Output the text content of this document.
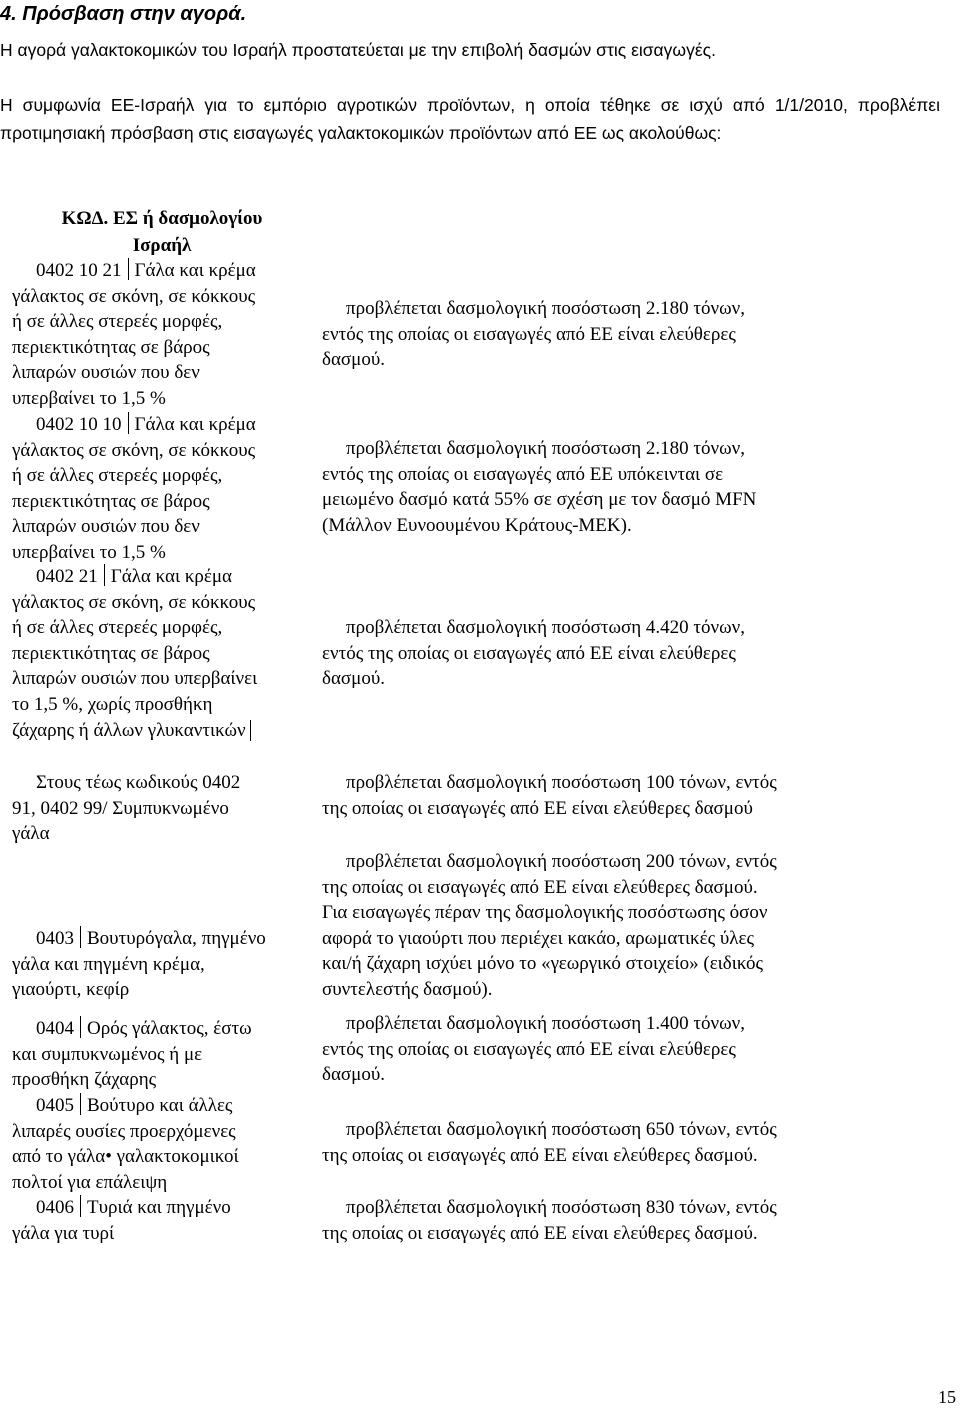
4. Πρόσβαση στην αγορά.
Η αγορά γαλακτοκομικών του Ισραήλ προστατεύεται με την επιβολή δασμών στις εισαγωγές.
Η συμφωνία ΕΕ-Ισραήλ για το εμπόριο αγροτικών προϊόντων, η οποία τέθηκε σε ισχύ από 1/1/2010, προβλέπει προτιμησιακή πρόσβαση στις εισαγωγές γαλακτοκομικών προϊόντων από ΕΕ ως ακολούθως:
ΚΩΔ. ΕΣ ή δασμολογίου
Ισραήλ
0402 10 21 Γάλα και κρέμα
γάλακτος σε σκόνη, σε κόκκους
ή σε άλλες στερεές μορφές,
περιεκτικότητας σε βάρος
λιπαρών ουσιών που δεν
υπερβαίνει το 1,5 %
προβλέπεται δασμολογική ποσόστωση 2.180 τόνων,
εντός της οποίας οι εισαγωγές από ΕΕ είναι ελεύθερες
δασμού.
0402 10 10 Γάλα και κρέμα
γάλακτος σε σκόνη, σε κόκκους
ή σε άλλες στερεές μορφές,
περιεκτικότητας σε βάρος
λιπαρών ουσιών που δεν
υπερβαίνει το 1,5 %
προβλέπεται δασμολογική ποσόστωση 2.180 τόνων,
εντός της οποίας οι εισαγωγές από ΕΕ υπόκεινται σε
μειωμένο δασμό κατά 55% σε σχέση με τον δασμό MFN
(Μάλλον Ευνοουμένου Κράτους-ΜΕΚ).
0402 21 Γάλα και κρέμα
γάλακτος σε σκόνη, σε κόκκους
ή σε άλλες στερεές μορφές,
περιεκτικότητας σε βάρος
λιπαρών ουσιών που υπερβαίνει
το 1,5 %, χωρίς προσθήκη
ζάχαρης ή άλλων γλυκαντικών
προβλέπεται δασμολογική ποσόστωση 4.420 τόνων,
εντός της οποίας οι εισαγωγές από ΕΕ είναι ελεύθερες
δασμού.
Στους τέως κωδικούς 0402
91, 0402 99/ Συμπυκνωμένο
γάλα
προβλέπεται δασμολογική ποσόστωση 100 τόνων, εντός
της οποίας οι εισαγωγές από ΕΕ είναι ελεύθερες δασμού
0403 Βουτυρόγαλα, πηγμένο
γάλα και πηγμένη κρέμα,
γιαούρτι, κεφίρ
προβλέπεται δασμολογική ποσόστωση 200 τόνων, εντός
της οποίας οι εισαγωγές από ΕΕ είναι ελεύθερες δασμού.
Για εισαγωγές πέραν της δασμολογικής ποσόστωσης όσον
αφορά το γιαούρτι που περιέχει κακάο, αρωματικές ύλες
και/ή ζάχαρη ισχύει μόνο το «γεωργικό στοιχείο» (ειδικός
συντελεστής δασμού).
0404 Ορός γάλακτος, έστω
και συμπυκνωμένος ή με
προσθήκη ζάχαρης
προβλέπεται δασμολογική ποσόστωση 1.400 τόνων,
εντός της οποίας οι εισαγωγές από ΕΕ είναι ελεύθερες
δασμού.
0405 Βούτυρο και άλλες
λιπαρές ουσίες προερχόμενες
από το γάλα• γαλακτοκομικοί
πολτοί για επάλειψη
προβλέπεται δασμολογική ποσόστωση 650 τόνων, εντός
της οποίας οι εισαγωγές από ΕΕ είναι ελεύθερες δασμού.
0406 Τυριά και πηγμένο
γάλα για τυρί
προβλέπεται δασμολογική ποσόστωση 830 τόνων, εντός
της οποίας οι εισαγωγές από ΕΕ είναι ελεύθερες δασμού.
15
